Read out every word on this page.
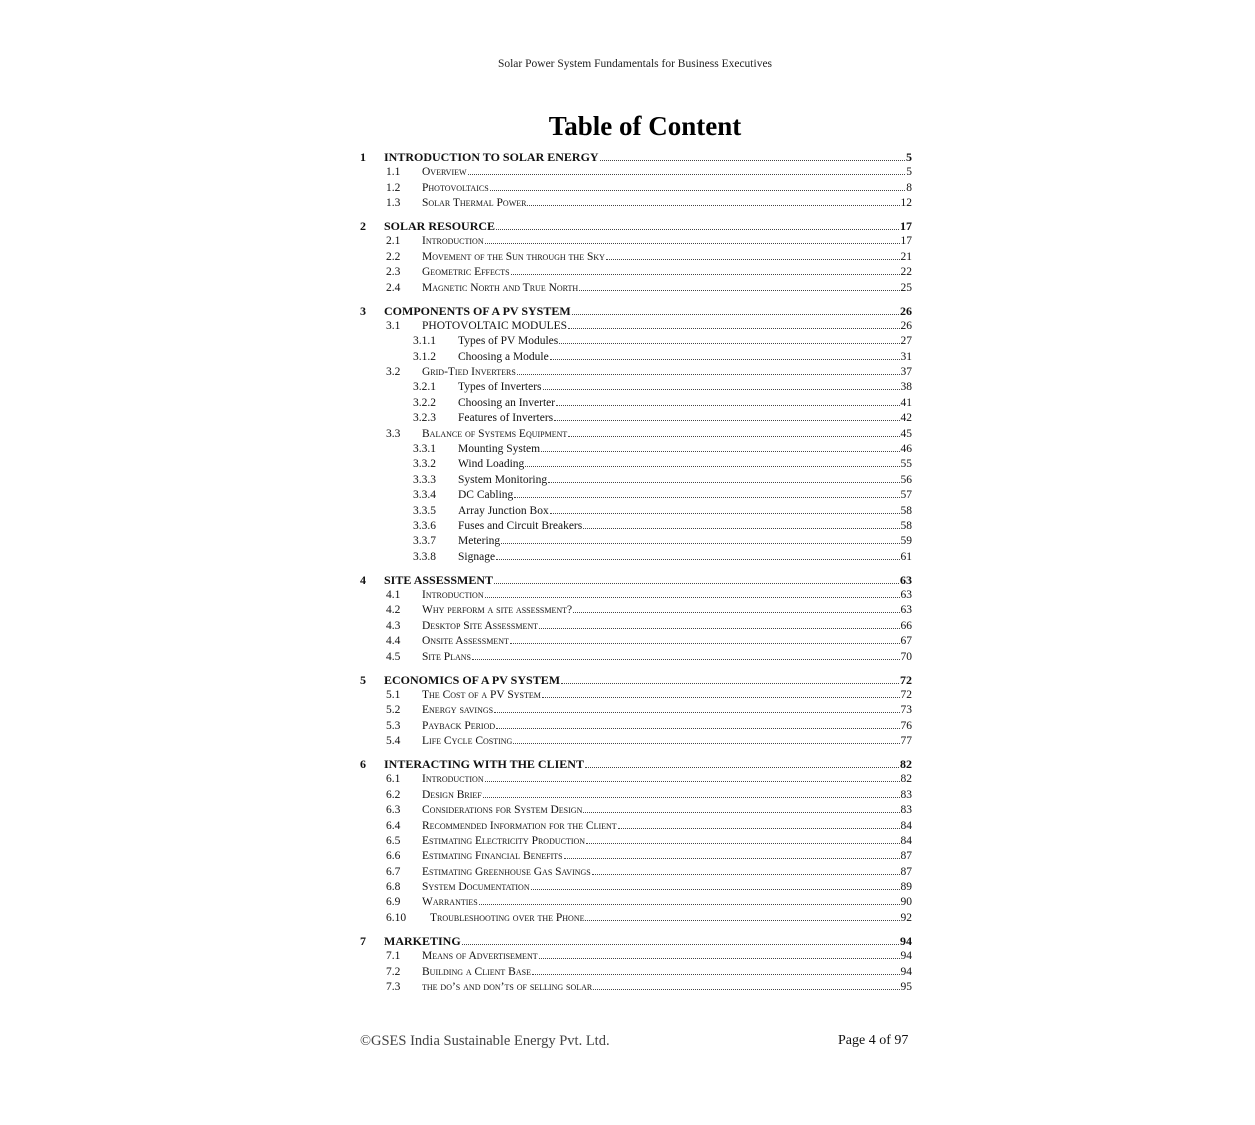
Solar Power System Fundamentals for Business Executives
Table of Content
1	INTRODUCTION TO SOLAR ENERGY	5
1.1	Overview	5
1.2	Photovoltaics	8
1.3	Solar Thermal Power	12
2	SOLAR RESOURCE	17
2.1	Introduction	17
2.2	Movement of the Sun through the Sky	21
2.3	Geometric Effects	22
2.4	Magnetic North and True North	25
3	COMPONENTS OF A PV SYSTEM	26
3.1	PHOTOVOLTAIC MODULES	26
3.1.1	Types of PV Modules	27
3.1.2	Choosing a Module	31
3.2	Grid-Tied Inverters	37
3.2.1	Types of Inverters	38
3.2.2	Choosing an Inverter	41
3.2.3	Features of Inverters	42
3.3	Balance of Systems Equipment	45
3.3.1	Mounting System	46
3.3.2	Wind Loading	55
3.3.3	System Monitoring	56
3.3.4	DC Cabling	57
3.3.5	Array Junction Box	58
3.3.6	Fuses and Circuit Breakers	58
3.3.7	Metering	59
3.3.8	Signage	61
4	SITE ASSESSMENT	63
4.1	Introduction	63
4.2	Why perform a site assessment?	63
4.3	Desktop Site Assessment	66
4.4	Onsite Assessment	67
4.5	Site Plans	70
5	ECONOMICS OF A PV SYSTEM	72
5.1	The Cost of a PV System	72
5.2	Energy savings	73
5.3	Payback Period	76
5.4	Life Cycle Costing	77
6	INTERACTING WITH THE CLIENT	82
6.1	Introduction	82
6.2	Design Brief	83
6.3	Considerations for System Design	83
6.4	Recommended Information for the Client	84
6.5	Estimating Electricity Production	84
6.6	Estimating Financial Benefits	87
6.7	Estimating Greenhouse Gas Savings	87
6.8	System Documentation	89
6.9	Warranties	90
6.10	Troubleshooting over the Phone	92
7	MARKETING	94
7.1	Means of Advertisement	94
7.2	Building a Client Base	94
7.3	the do’s and don’ts of selling solar	95
©GSES India Sustainable Energy Pvt. Ltd.	Page 4 of 97
